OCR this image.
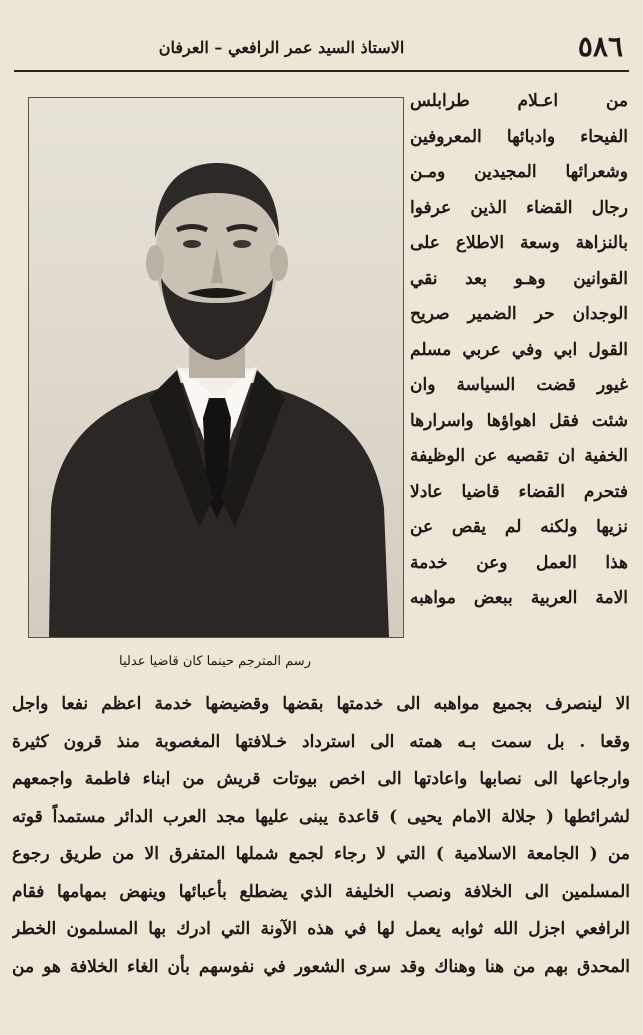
٥٨٦
الاستاذ السيد عمر الرافعي – العرفان
من اعـلام طرابلس
الفيحاء وادبائها المعروفين
وشعرائها المجيدين ومـن
رجال القضاء الذين عرفوا
بالنزاهة وسعة الاطلاع على
القوانين وهـو بعد نقي
الوجدان حر الضمير صريح
القول ابي وفي عربي مسلم
غيور قضت السياسة وان
شئت فقل اهواؤها واسرارها
الخفية ان تقصيه عن الوظيفة
فتحرم القضاء قاضيا عادلا
نزيها ولكنه لم يقص عن
هذا العمل وعن خدمة
الامة العربية ببعض مواهبه
رسم المترجم حينما كان قاضيا عدليا
الا لينصرف بجميع مواهبه الى خدمتها بقضها وقضيضها خدمة اعظم نفعا واجل
وقعا . بل سمت بـه همته الى استرداد خـلافتها المغصوبة منذ قرون كثيرة
وارجاعها الى نصابها واعادتها الى اخص بيوتات قريش من ابناء فاطمة واجمعهم
لشرائطها ( جلالة الامام يحيى ) قاعدة يبنى عليها مجد العرب الدائر مستمداً قوته
من ( الجامعة الاسلامية ) التي لا رجاء لجمع شملها المتفرق الا من طريق رجوع
المسلمين الى الخلافة ونصب الخليفة الذي يضطلع بأعبائها وينهض بمهامها فقام
الرافعي اجزل الله ثوابه يعمل لها في هذه الآونة التي ادرك بها المسلمون الخطر
المحدق بهم من هنا وهناك وقد سرى الشعور في نفوسهم بأن الغاء الخلافة هو من
